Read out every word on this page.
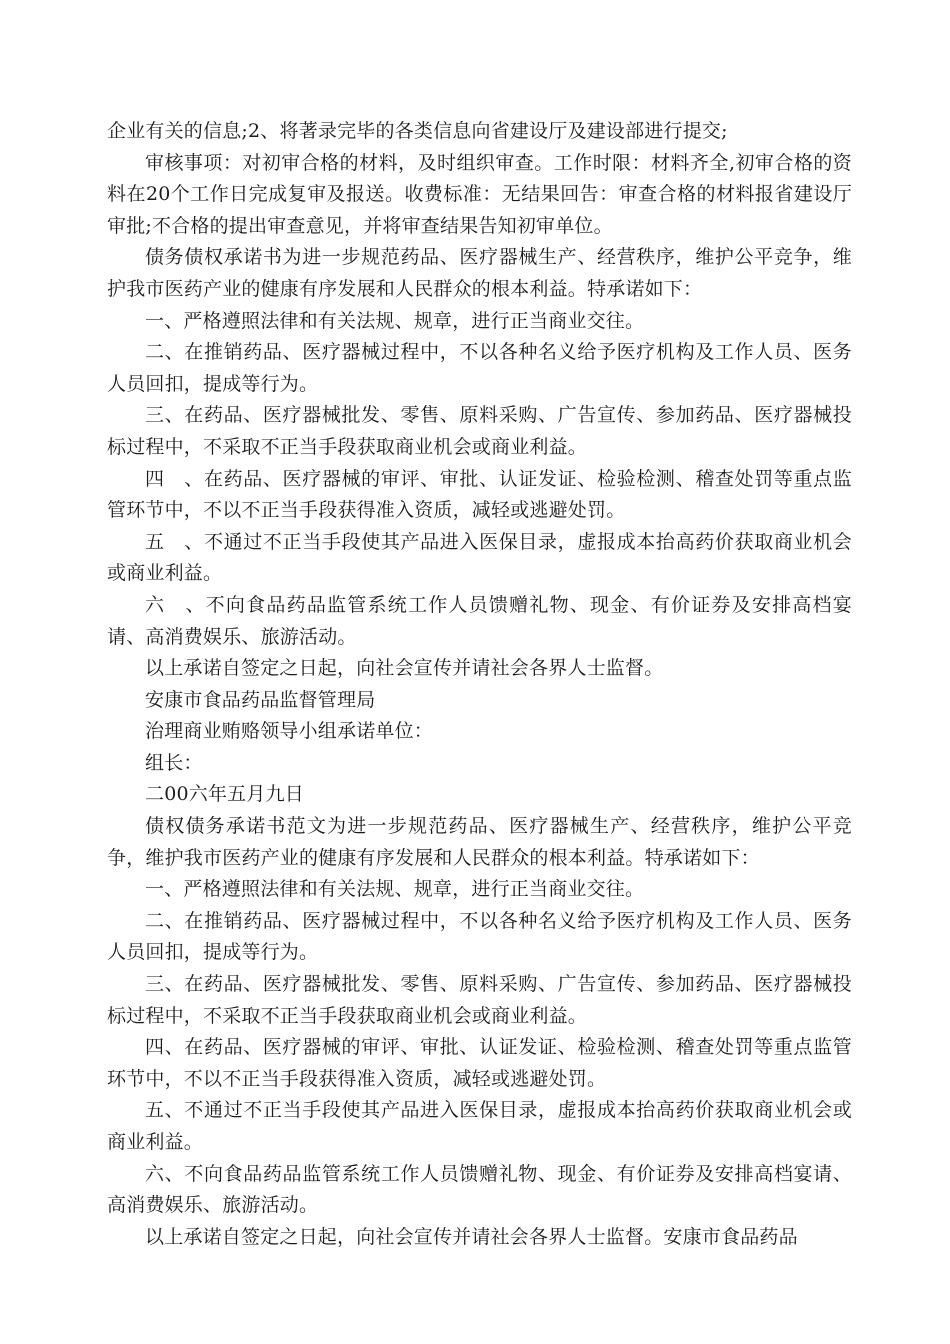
企业有关的信息;2、将著录完毕的各类信息向省建设厅及建设部进行提交;

审核事项：对初审合格的材料，及时组织审查。工作时限：材料齐全,初审合格的资料在20个工作日完成复审及报送。收费标准：无结果回告：审查合格的材料报省建设厅审批;不合格的提出审查意见，并将审查结果告知初审单位。

债务债权承诺书为进一步规范药品、医疗器械生产、经营秩序，维护公平竞争，维护我市医药产业的健康有序发展和人民群众的根本利益。特承诺如下：

一、严格遵照法律和有关法规、规章，进行正当商业交往。

二、在推销药品、医疗器械过程中，不以各种名义给予医疗机构及工作人员、医务人员回扣，提成等行为。

三、在药品、医疗器械批发、零售、原料采购、广告宣传、参加药品、医疗器械投标过程中，不采取不正当手段获取商业机会或商业利益。

四　、在药品、医疗器械的审评、审批、认证发证、检验检测、稽查处罚等重点监管环节中，不以不正当手段获得准入资质，减轻或逃避处罚。

五　、不通过不正当手段使其产品进入医保目录，虚报成本抬高药价获取商业机会或商业利益。

六　、不向食品药品监管系统工作人员馈赠礼物、现金、有价证券及安排高档宴请、高消费娱乐、旅游活动。

以上承诺自签定之日起，向社会宣传并请社会各界人士监督。

安康市食品药品监督管理局

治理商业贿赂领导小组承诺单位：

组长：

二00六年五月九日

债权债务承诺书范文为进一步规范药品、医疗器械生产、经营秩序，维护公平竞争，维护我市医药产业的健康有序发展和人民群众的根本利益。特承诺如下：

一、严格遵照法律和有关法规、规章，进行正当商业交往。

二、在推销药品、医疗器械过程中，不以各种名义给予医疗机构及工作人员、医务人员回扣，提成等行为。

三、在药品、医疗器械批发、零售、原料采购、广告宣传、参加药品、医疗器械投标过程中，不采取不正当手段获取商业机会或商业利益。

四、在药品、医疗器械的审评、审批、认证发证、检验检测、稽查处罚等重点监管环节中，不以不正当手段获得准入资质，减轻或逃避处罚。

五、不通过不正当手段使其产品进入医保目录，虚报成本抬高药价获取商业机会或商业利益。

六、不向食品药品监管系统工作人员馈赠礼物、现金、有价证券及安排高档宴请、高消费娱乐、旅游活动。

以上承诺自签定之日起，向社会宣传并请社会各界人士监督。安康市食品药品
